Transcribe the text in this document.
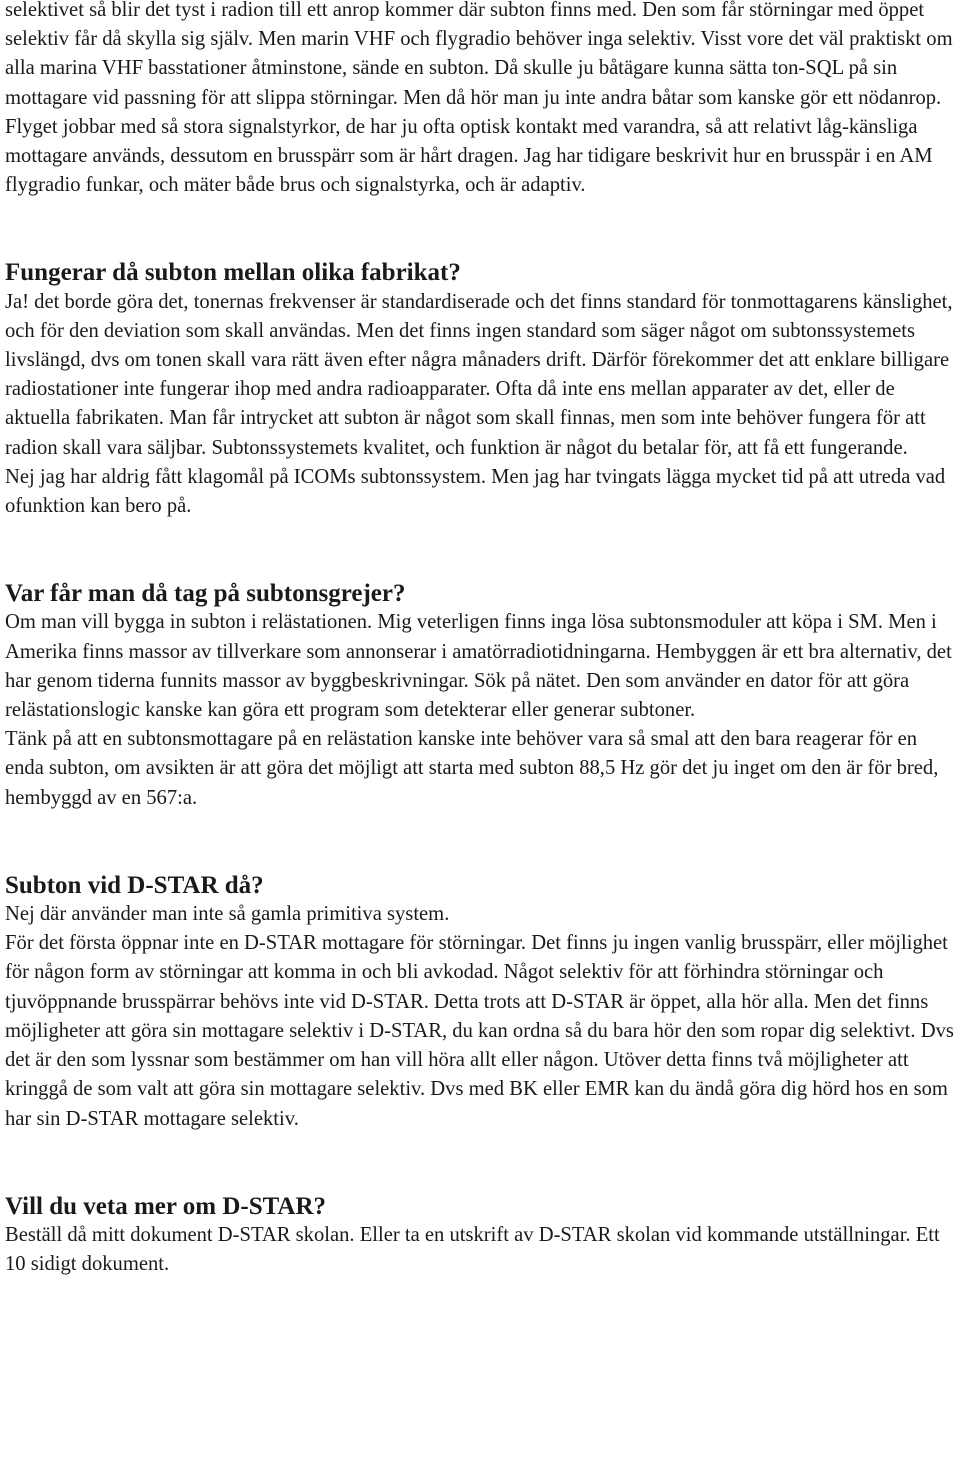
selektivet så blir det tyst i radion till ett anrop kommer där subton finns med. Den som får störningar med öppet selektiv får då skylla sig själv. Men marin VHF och flygradio behöver inga selektiv. Visst vore det väl praktiskt om alla marina VHF basstationer åtminstone, sände en subton. Då skulle ju båtägare kunna sätta ton-SQL på sin mottagare vid passning för att slippa störningar. Men då hör man ju inte andra båtar som kanske gör ett nödanrop. Flyget jobbar med så stora signalstyrkor, de har ju ofta optisk kontakt med varandra, så att relativt låg-känsliga mottagare används, dessutom en brusspärr som är hårt dragen. Jag har tidigare beskrivit hur en brusspär i en AM flygradio funkar, och mäter både brus och signalstyrka, och är adaptiv.

Fungerar då subton mellan olika fabrikat?

Ja! det borde göra det, tonernas frekvenser är standardiserade och det finns standard för tonmottagarens känslighet, och för den deviation som skall användas. Men det finns ingen standard som säger något om subtonssystemets livslängd, dvs om tonen skall vara rätt även efter några månaders drift. Därför förekommer det att enklare billigare radiostationer inte fungerar ihop med andra radioapparater. Ofta då inte ens mellan apparater av det, eller de aktuella fabrikaten. Man får intrycket att subton är något som skall finnas, men som inte behöver fungera för att radion skall vara säljbar. Subtonssystemets kvalitet, och funktion är något du betalar för, att få ett fungerande.

Nej jag har aldrig fått klagomål på ICOMs subtonssystem. Men jag har tvingats lägga mycket tid på att utreda vad ofunktion kan bero på.

Var får man då tag på subtonsgrejer?

Om man vill bygga in subton i relästationen. Mig veterligen finns inga lösa subtonsmoduler att köpa i SM. Men i Amerika finns massor av tillverkare som annonserar i amatörradiotidningarna. Hembyggen är ett bra alternativ, det har genom tiderna funnits massor av byggbeskrivningar. Sök på nätet. Den som använder en dator för att göra relästationslogic kanske kan göra ett program som detekterar eller generar subtoner.

Tänk på att en subtonsmottagare på en relästation kanske inte behöver vara så smal att den bara reagerar för en enda subton, om avsikten är att göra det möjligt att starta med subton 88,5 Hz gör det ju inget om den är för bred, hembyggd av en 567:a.

Subton vid D-STAR då?

Nej där använder man inte så gamla primitiva system.

För det första öppnar inte en D-STAR mottagare för störningar. Det finns ju ingen vanlig brusspärr, eller möjlighet för någon form av störningar att komma in och bli avkodad. Något selektiv för att förhindra störningar och tjuvöppnande brusspärrar behövs inte vid D-STAR. Detta trots att D-STAR är öppet, alla hör alla. Men det finns möjligheter att göra sin mottagare selektiv i D-STAR, du kan ordna så du bara hör den som ropar dig selektivt. Dvs det är den som lyssnar som bestämmer om han vill höra allt eller någon. Utöver detta finns två möjligheter att kringgå de som valt att göra sin mottagare selektiv. Dvs med BK eller EMR kan du ändå göra dig hörd hos en som har sin D-STAR mottagare selektiv.

Vill du veta mer om D-STAR?

Beställ då mitt dokument D-STAR skolan. Eller ta en utskrift av D-STAR skolan vid kommande utställningar. Ett 10 sidigt dokument.
